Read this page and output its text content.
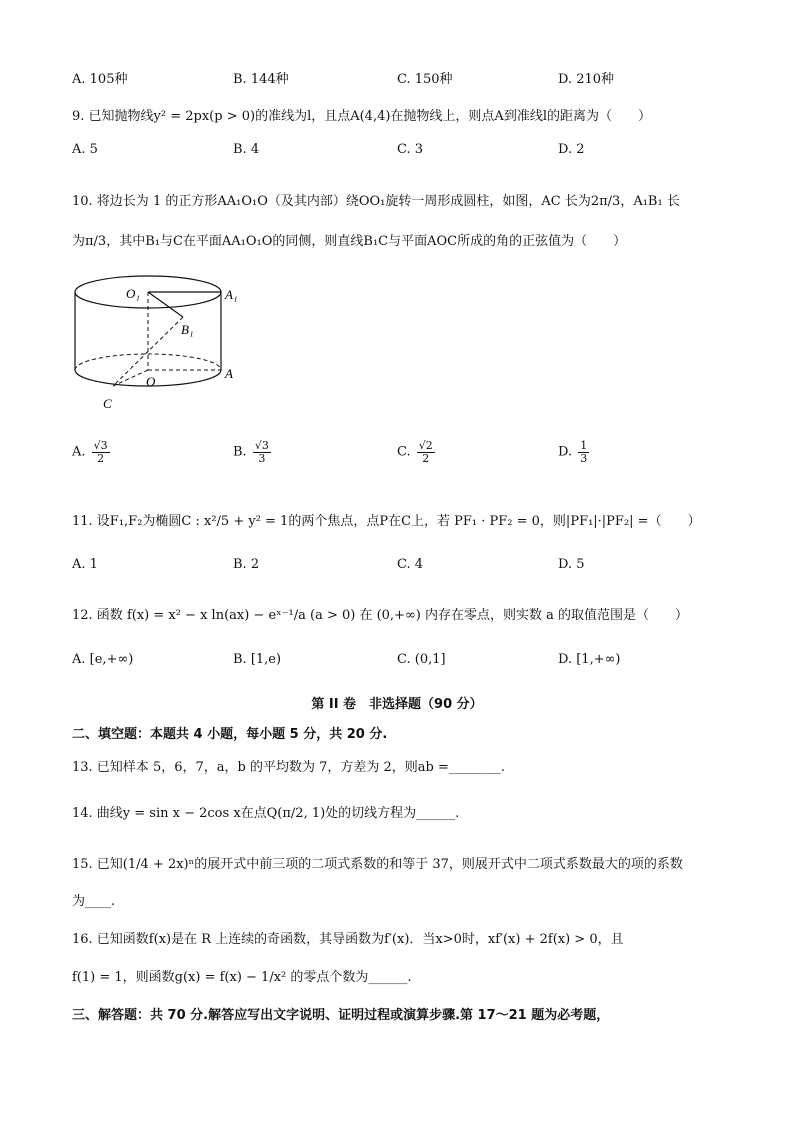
A. 105种	B. 144种	C. 150种	D. 210种
9. 已知抛物线y² = 2px(p > 0)的准线为l，且点A(4,4)在抛物线上，则点A到准线l的距离为（　　）
A. 5	B. 4	C. 3	D. 2
10. 将边长为 1 的正方形AA₁O₁O（及其内部）绕OO₁旋转一周形成圆柱，如图，AC 长为2π/3，A₁B₁ 长
为π/3，其中B₁与C在平面AA₁O₁O的同侧，则直线B₁C与平面AOC所成的角的正弦值为（　　）
O₁	A₁
B₁
O
A
C
A. $\frac{√3}{2}$	B. $\frac{√3}{3}$	C. $\frac{√2}{2}$	D. $\frac{1}{3}$
11. 设F₁,F₂为椭圆C : x²/5 + y² = 1的两个焦点，点P在C上，若 PF₁ · PF₂ = 0，则|PF₁|·|PF₂| =（　　）
A. 1	B. 2	C. 4	D. 5
12. 函数 f(x) = x² − x ln(ax) − eˣ⁻¹/a (a > 0) 在 (0,+∞) 内存在零点，则实数 a 的取值范围是（　　）
A. [e,+∞)	B. [1,e)	C. (0,1]	D. [1,+∞)
第 II 卷　非选择题（90 分）
二、填空题：本题共 4 小题，每小题 5 分，共 20 分.
13. 已知样本 5，6，7，a，b 的平均数为 7，方差为 2，则ab =________.
14. 曲线y = sin x − 2cos x在点Q(π/2, 1)处的切线方程为______.
15. 已知(1/4 + 2x)ⁿ的展开式中前三项的二项式系数的和等于 37，则展开式中二项式系数最大的项的系数
为____.
16. 已知函数f(x)是在 R 上连续的奇函数，其导函数为f′(x)．当x>0时，xf′(x) + 2f(x) > 0，且
f(1) = 1，则函数g(x) = f(x) − 1/x² 的零点个数为______.
三、解答题：共 70 分.解答应写出文字说明、证明过程或演算步骤.第 17～21 题为必考题，
